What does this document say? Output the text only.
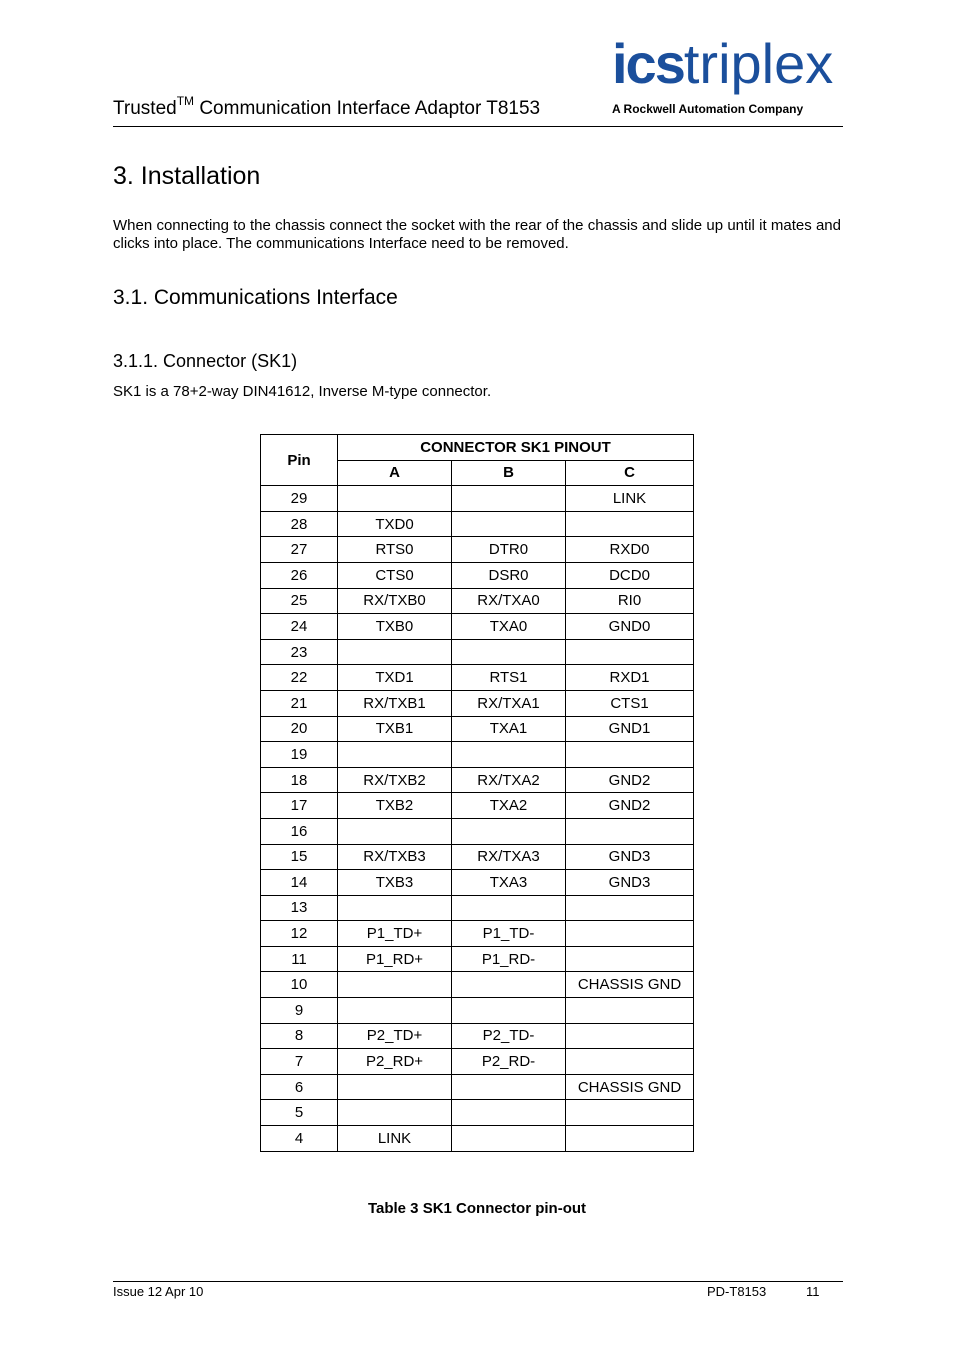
Trusted™ Communication Interface Adaptor T8153
icstriplex
A Rockwell Automation Company
3. Installation
When connecting to the chassis connect the socket with the rear of the chassis and slide up until it mates and clicks into place. The communications Interface need to be removed.
3.1. Communications Interface
3.1.1. Connector (SK1)
SK1 is a 78+2-way DIN41612, Inverse M-type connector.
Pin	CONNECTOR SK1 PINOUT		
	A	B	C
29			LINK
28	TXD0		
27	RTS0	DTR0	RXD0
26	CTS0	DSR0	DCD0
25	RX/TXB0	RX/TXA0	RI0
24	TXB0	TXA0	GND0
23			
22	TXD1	RTS1	RXD1
21	RX/TXB1	RX/TXA1	CTS1
20	TXB1	TXA1	GND1
19			
18	RX/TXB2	RX/TXA2	GND2
17	TXB2	TXA2	GND2
16			
15	RX/TXB3	RX/TXA3	GND3
14	TXB3	TXA3	GND3
13			
12	P1_TD+	P1_TD-	
11	P1_RD+	P1_RD-	
10			CHASSIS GND
9			
8	P2_TD+	P2_TD-	
7	P2_RD+	P2_RD-	
6			CHASSIS GND
5			
4	LINK		
Table 3 SK1 Connector pin-out
Issue 12 Apr 10	PD-T8153	11
